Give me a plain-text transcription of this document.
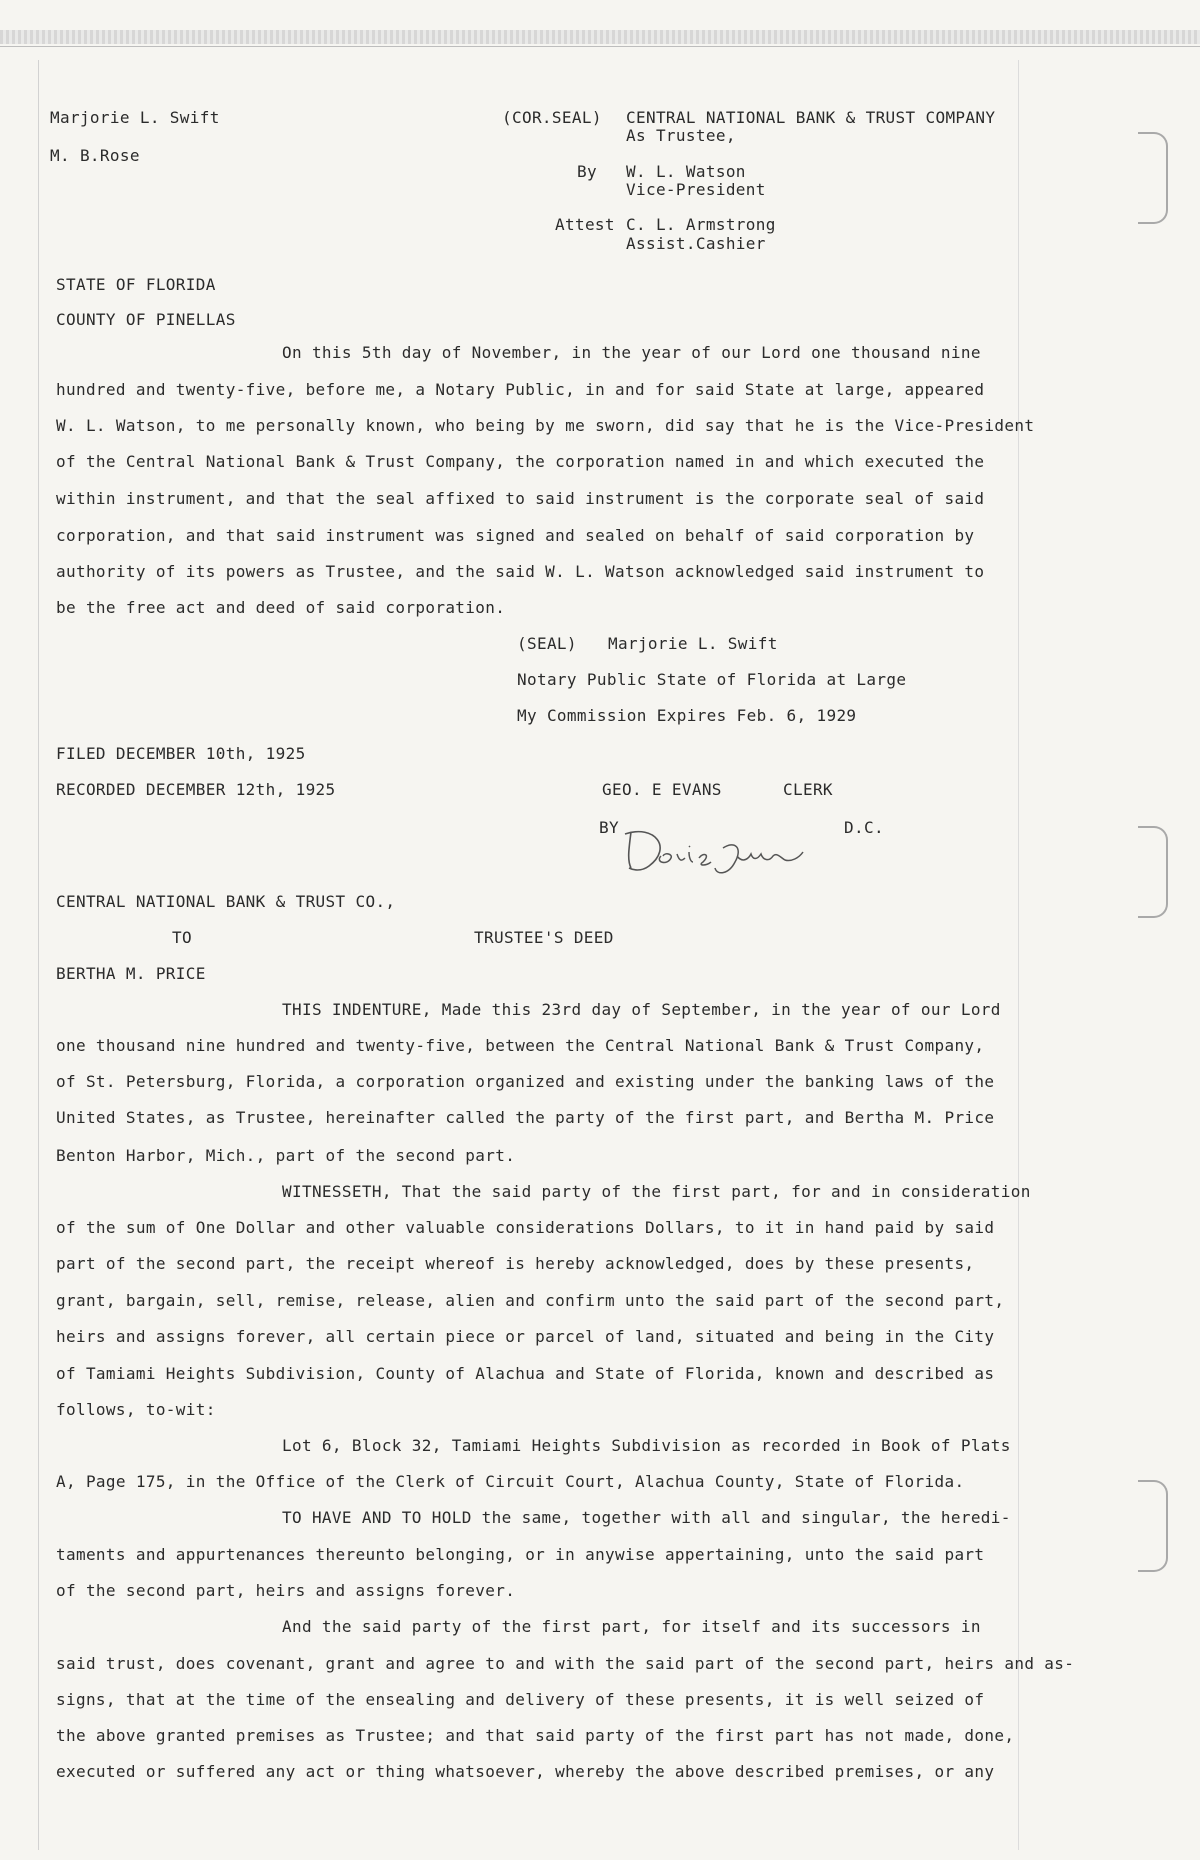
Marjorie L. Swift
M. B.Rose
(COR.SEAL) CENTRAL NATIONAL BANK & TRUST COMPANY
As Trustee,
By W. L. Watson
Vice-President
Attest C. L. Armstrong
Assist.Cashier
STATE OF FLORIDA
COUNTY OF PINELLAS
On this 5th day of November, in the year of our Lord one thousand nine
hundred and twenty-five, before me, a Notary Public, in and for said State at large, appeared
W. L. Watson, to me personally known, who being by me sworn, did say that he is the Vice-President
of the Central National Bank & Trust Company, the corporation named in and which executed the
within instrument, and that the seal affixed to said instrument is the corporate seal of said
corporation, and that said instrument was signed and sealed on behalf of said corporation by
authority of its powers as Trustee, and the said W. L. Watson acknowledged said instrument to
be the free act and deed of said corporation.
(SEAL) Marjorie L. Swift
Notary Public State of Florida at Large
My Commission Expires Feb. 6, 1929
FILED DECEMBER 10th, 1925
RECORDED DECEMBER 12th, 1925	GEO. E EVANS	CLERK
BY	D.C.
CENTRAL NATIONAL BANK & TRUST CO.,
TO	TRUSTEE'S DEED
BERTHA M. PRICE
THIS INDENTURE, Made this 23rd day of September, in the year of our Lord
one thousand nine hundred and twenty-five, between the Central National Bank & Trust Company,
of St. Petersburg, Florida, a corporation organized and existing under the banking laws of the
United States, as Trustee, hereinafter called the party of the first part, and Bertha M. Price
Benton Harbor, Mich., part of the second part.
WITNESSETH, That the said party of the first part, for and in consideration
of the sum of One Dollar and other valuable considerations Dollars, to it in hand paid by said
part of the second part, the receipt whereof is hereby acknowledged, does by these presents,
grant, bargain, sell, remise, release, alien and confirm unto the said part of the second part,
heirs and assigns forever, all certain piece or parcel of land, situated and being in the City
of Tamiami Heights Subdivision, County of Alachua and State of Florida, known and described as
follows, to-wit:
Lot 6, Block 32, Tamiami Heights Subdivision as recorded in Book of Plats
A, Page 175, in the Office of the Clerk of Circuit Court, Alachua County, State of Florida.
TO HAVE AND TO HOLD the same, together with all and singular, the heredi-
taments and appurtenances thereunto belonging, or in anywise appertaining, unto the said part
of the second part, heirs and assigns forever.
And the said party of the first part, for itself and its successors in
said trust, does covenant, grant and agree to and with the said part of the second part, heirs and as-
signs, that at the time of the ensealing and delivery of these presents, it is well seized of
the above granted premises as Trustee; and that said party of the first part has not made, done,
executed or suffered any act or thing whatsoever, whereby the above described premises, or any
